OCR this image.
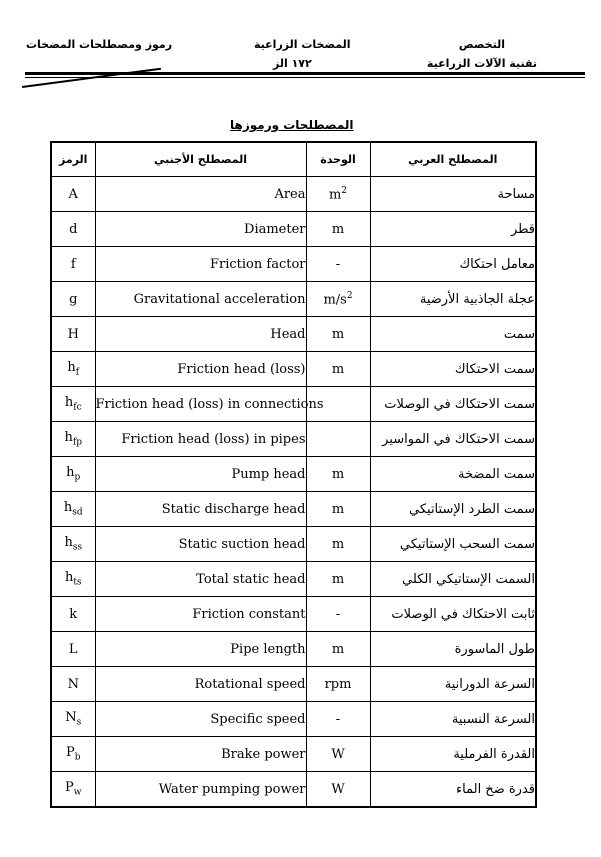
التخصص
تقنية الآلات الزراعية
المضخات الزراعية
١٧٢ الز
رموز ومصطلحات المضخات
المصطلحات ورموزها
المصطلح العربي	الوحدة	المصطلح الأجنبي	الرمز
مساحة	$m^2$	Area	A
قطر	m	Diameter	d
معامل احتكاك	-	Friction factor	f
عجلة الجاذبية الأرضية	$m/s^2$	Gravitational acceleration	g
سمت	m	Head	H
سمت الاحتكاك	m	Friction head (loss)	$h_f$
سمت الاحتكاك في الوصلات		Friction head (loss) in connections	$h_{fc}$
سمت الاحتكاك في المواسير		Friction head (loss) in pipes	$h_{fp}$
سمت المضخة	m	Pump head	$h_p$
سمت الطرد الإستاتيكي	m	Static discharge head	$h_{sd}$
سمت السحب الإستاتيكي	m	Static suction head	$h_{ss}$
السمت الإستاتيكي الكلي	m	Total static head	$h_{ts}$
ثابت الاحتكاك في الوصلات	-	Friction constant	k
طول الماسورة	m	Pipe length	L
السرعة الدورانية	rpm	Rotational speed	N
السرعة النسبية	-	Specific speed	$N_s$
القدرة الفرملية	W	Brake power	$P_b$
قدرة ضخ الماء	W	Water pumping power	$P_w$
